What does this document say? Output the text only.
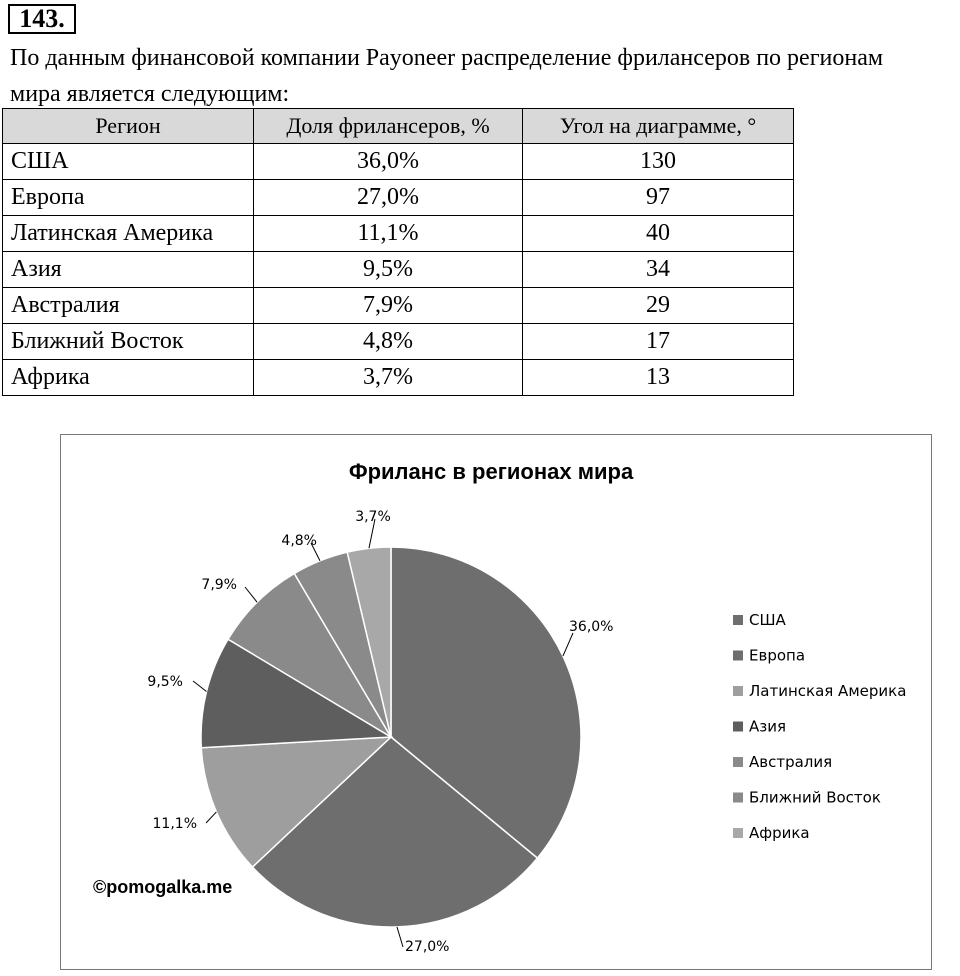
143.
По данным финансовой компании Payoneer распределение фрилансеров по регионам
мира является следующим:
Регион	Доля фрилансеров, %	Угол на диаграмме, °
США	36,0%	130
Европа	27,0%	97
Латинская Америка	11,1%	40
Азия	9,5%	34
Австралия	7,9%	29
Ближний Восток	4,8%	17
Африка	3,7%	13
Фриланс в регионах мира
36,0%
27,0%
11,1%
9,5%
7,9%
4,8%
3,7%
США
Европа
Латинская Америка
Азия
Австралия
Ближний Восток
Африка
©pomogalka.me
